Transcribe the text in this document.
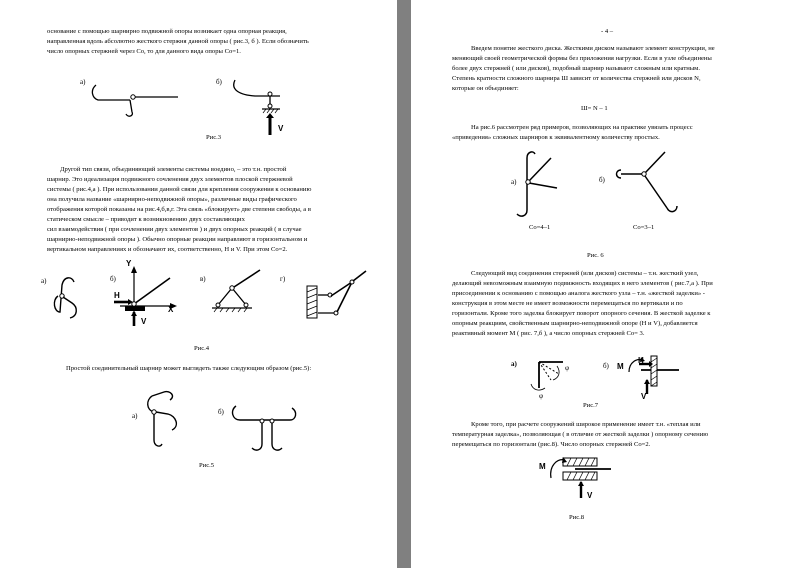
основание с помощью шарнирно подвижной опоры возникает одна опорная реакция,
направленная вдоль абсолютно жесткого стержня данной опоры ( рис.3, б ). Если обозначить
число опорных стержней через Со, то для данного вида опоры Со=1.
а)	б)
V
Рис.3
Другой тип связи, объединяющий элементы системы воедино, – это т.н. простой
шарнир. Это идеализация подвижного сочленения двух элементов плоской стержневой
системы ( рис.4,а ). При использовании данной связи для крепления сооружения к основанию
она получила название «шарнирно-неподвижной опоры», различные виды графического
отображения которой показаны на рис.4,б,в,г. Эта связь «блокирует» две степени свободы, а в
статическом смысле – приводит к возникновению двух составляющих
сил взаимодействия ( при сочленении двух элементов ) и двух опорных реакций ( в случае
шарнирно-неподвижной опоры ). Обычно опорные реакции направляют в горизонтальном и
вертикальном направлениях и обозначают их, соответственно, Н и V. При этом Со=2.
а)	б)	в)	г)
Y
H
X
V
Рис.4
Простой соединительный шарнир может выглядеть также следующим образом (рис.5):
а)	б)
Рис.5
- 4 –
Введем понятие жесткого диска. Жесткими диском называют элемент конструкции, не
меняющий своей геометрической формы без приложения нагрузки. Если в узле объединены
более двух стержней ( или дисков), подобный шарнир называют сложным или кратным.
Степень кратности сложного шарнира Ш зависит от количества стержней или дисков N,
которые он объединяет:
Ш= N – 1
На рис.6 рассмотрен ряд примеров, позволяющих на практике увязать процесс
«приведения» сложных шарниров к эквивалентному количеству простых.
а)	б)
Со=4–1	Со=3–1
Рис. 6
Следующий вид соединения стержней (или дисков) системы – т.н. жесткий узел,
делающий невозможным взаимную подвижность входящих в него элементов ( рис.7,а ). При
присоединении к основанию с помощью аналога жесткого узла – т.н. «жесткой заделки» -
конструкция в этом месте не имеет возможности перемещаться по вертикали и по
горизонтали. Кроме того заделка блокирует поворот опорного сечения. В жесткой заделке к
опорным реакциям, свойственным шарнирно-неподвижной опоре (Н и V), добавляется
реактивный момент М ( рис. 7,б ), а число опорных стержней Со= 3.
а)	б)
φ
φ
M
H
V
Рис.7
Кроме того, при расчете сооружений широкое применение имеет т.н. «теплая или
температурная заделка», позволяющая ( в отличие от жесткой заделки ) опорному сечению
перемещаться по горизонтали (рис.8). Число опорных стержней Со=2.
M
V
Рис.8
